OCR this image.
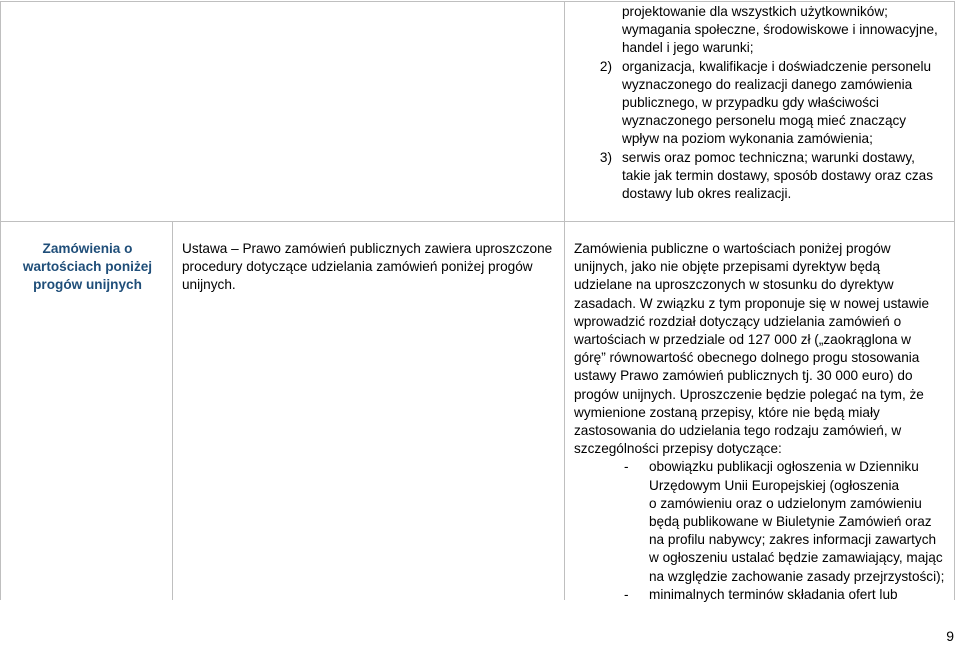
projektowanie dla wszystkich użytkowników;
wymagania społeczne, środowiskowe i innowacyjne,
handel i jego warunki;
2) organizacja, kwalifikacje i doświadczenie personelu
wyznaczonego do realizacji danego zamówienia
publicznego, w przypadku gdy właściwości
wyznaczonego personelu mogą mieć znaczący
wpływ na poziom wykonania zamówienia;
3) serwis oraz pomoc techniczna; warunki dostawy,
takie jak termin dostawy, sposób dostawy oraz czas
dostawy lub okres realizacji.
Zamówienia o
wartościach poniżej
progów unijnych
Ustawa – Prawo zamówień publicznych zawiera uproszczone
procedury dotyczące udzielania zamówień poniżej progów
unijnych.
Zamówienia publiczne o wartościach poniżej progów
unijnych, jako nie objęte przepisami dyrektyw będą
udzielane na uproszczonych w stosunku do dyrektyw
zasadach. W związku z tym proponuje się w nowej ustawie
wprowadzić rozdział dotyczący udzielania zamówień o
wartościach w przedziale od 127 000 zł („zaokrąglona w
górę” równowartość obecnego dolnego progu stosowania
ustawy Prawo zamówień publicznych tj. 30 000 euro) do
progów unijnych. Uproszczenie będzie polegać na tym, że
wymienione zostaną przepisy, które nie będą miały
zastosowania do udzielania tego rodzaju zamówień, w
szczególności przepisy dotyczące:
- obowiązku publikacji ogłoszenia w Dzienniku
Urzędowym Unii Europejskiej (ogłoszenia
o zamówieniu oraz o udzielonym zamówieniu
będą publikowane w Biuletynie Zamówień oraz
na profilu nabywcy; zakres informacji zawartych
w ogłoszeniu ustalać będzie zamawiający, mając
na względzie zachowanie zasady przejrzystości);
- minimalnych terminów składania ofert lub
9
